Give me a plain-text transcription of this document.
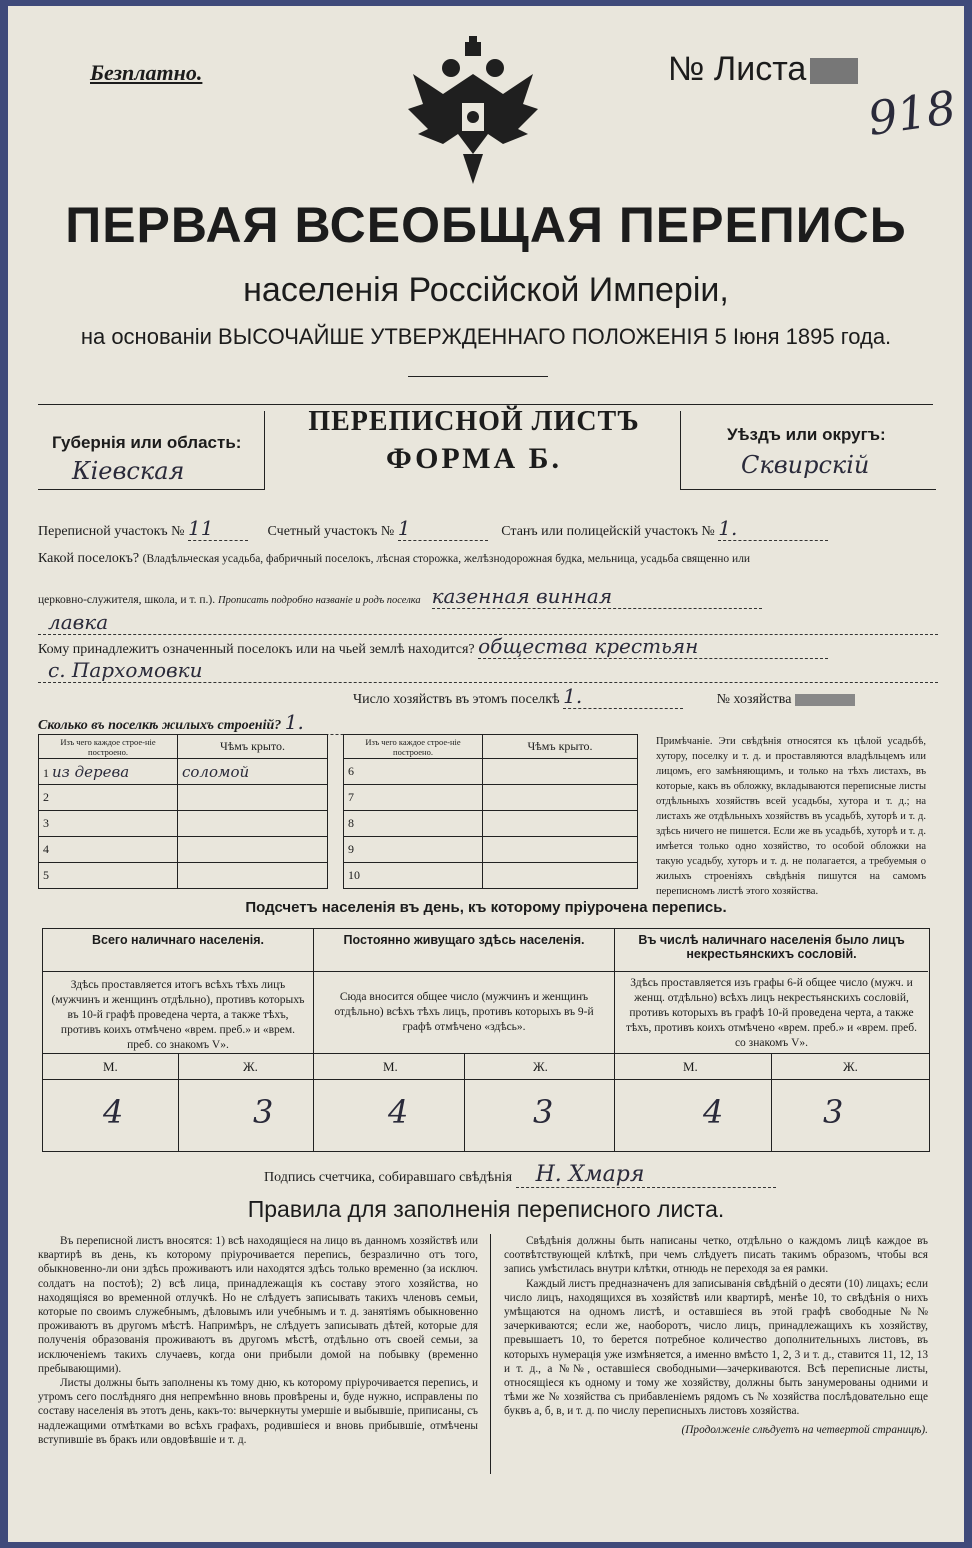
Безплатно.	№ Листа
918
ПЕРВАЯ ВСЕОБЩАЯ ПЕРЕПИСЬ
населенія Россійской Имперіи,
на основаніи ВЫСОЧАЙШЕ УТВЕРЖДЕННАГО ПОЛОЖЕНІЯ 5 Іюня 1895 года.
Губернія или область:
Кіевская
ПЕРЕПИСНОЙ ЛИСТЪ
ФОРМА Б.
Уѣздъ или округъ:
Сквирскій
Переписной участокъ № 11	Счетный участокъ № 1	Станъ или полицейскій участокъ № 1.
Какой поселокъ? (Владѣльческая усадьба, фабричный поселокъ, лѣсная сторожка, желѣзнодорожная будка, мельница, усадьба священно или
церковно-служителя, школа, и т. п.). Прописать подробно названіе и родъ поселка казенная винная
лавка
Кому принадлежитъ означенный поселокъ или на чьей землѣ находится? общества крестьян
с. Пархомовки
Число хозяйствъ въ этомъ поселкѣ 1.	№ хозяйства
Сколько въ поселкѣ жилыхъ строеній? 1.
Изъ чего каждое строе-ніе построено.	Чѣмъ крыто.
1 из дерева	соломой
2	
3	
4	
5	
Изъ чего каждое строе-ніе построено.	Чѣмъ крыто.
6	
7	
8	
9	
10	
Примѣчаніе. Эти свѣдѣнія относятся къ цѣлой усадьбѣ, хутору, поселку и т. д. и проставляются владѣльцемъ или лицомъ, его замѣняющимъ, и только на тѣхъ листахъ, въ которые, какъ въ обложку, вкладываются переписные листы отдѣльныхъ хозяйствъ всей усадьбы, хутора и т. д.; на листахъ же отдѣльныхъ хозяйствъ въ усадьбѣ, хуторѣ и т. д. здѣсь ничего не пишется. Если же въ усадьбѣ, хуторѣ и т. д. имѣется только одно хозяйство, то особой обложки на такую усадьбу, хуторъ и т. д. не полагается, а требуемыя о жилыхъ строеніяхъ свѣдѣнія пишутся на самомъ переписномъ листѣ этого хозяйства.
Подсчетъ населенія въ день, къ которому пріурочена перепись.
Всего наличнаго населенія.
Здѣсь проставляется итогъ всѣхъ тѣхъ лицъ (мужчинъ и женщинъ отдѣльно), противъ которыхъ въ 10-й графѣ проведена черта, а также тѣхъ, противъ коихъ отмѣчено «врем. преб.» и «врем. преб. со знакомъ V».
Постоянно живущаго здѣсь населенія.
Сюда вносится общее число (мужчинъ и женщинъ отдѣльно) всѣхъ тѣхъ лицъ, противъ которыхъ въ 9-й графѣ отмѣчено «здѣсь».
Въ числѣ наличнаго населенія было лицъ некрестьянскихъ сословій.
Здѣсь проставляется изъ графы 6-й общее число (мужч. и женщ. отдѣльно) всѣхъ лицъ некрестьянскихъ сословій, противъ которыхъ въ графѣ 10-й проведена черта, а также тѣхъ, противъ коихъ отмѣчено «врем. преб.» и «врем. преб. со знакомъ V».
М.	Ж.	М.	Ж.	М.	Ж.
4	3	4	3	4	3
Подпись счетчика, собиравшаго свѣдѣнія Н. Хмаря
Правила для заполненія переписного листа.

Въ переписной листъ вносятся: 1) всѣ находящіеся на лицо въ данномъ хозяйствѣ или квартирѣ въ день, къ которому пріурочивается перепись, безразлично отъ того, обыкновенно-ли они здѣсь проживаютъ или находятся здѣсь только временно (за исключ. солдатъ на постоѣ); 2) всѣ лица, принадлежащія къ составу этого хозяйства, но находящіяся во временной отлучкѣ. Но не слѣдуетъ записывать такихъ членовъ семьи, которые по своимъ служебнымъ, дѣловымъ или учебнымъ и т. д. занятіямъ обыкновенно проживаютъ въ другомъ мѣстѣ. Напримѣръ, не слѣдуетъ записывать дѣтей, которые для полученія образованія проживаютъ въ другомъ мѣстѣ, отдѣльно отъ своей семьи, за исключеніемъ такихъ случаевъ, когда они прибыли домой на побывку (временно пребывающими).

Листы должны быть заполнены къ тому дню, къ которому пріурочивается перепись, и утромъ сего послѣдняго дня непремѣнно вновь провѣрены и, буде нужно, исправлены по составу населенія въ этотъ день, какъ-то: вычеркнуты умершіе и выбывшіе, приписаны, съ надлежащими отмѣтками во всѣхъ графахъ, родившіеся и вновь прибывшіе, отмѣчены вступившіе въ бракъ или овдовѣвшіе и т. д.

Свѣдѣнія должны быть написаны четко, отдѣльно о каждомъ лицѣ каждое въ соотвѣтствующей клѣткѣ, при чемъ слѣдуетъ писать такимъ образомъ, чтобы вся запись умѣстилась внутри клѣтки, отнюдь не переходя за ея рамки.

Каждый листъ предназначенъ для записыванія свѣдѣній о десяти (10) лицахъ; если число лицъ, находящихся въ хозяйствѣ или квартирѣ, менѣе 10, то свѣдѣнія о нихъ умѣщаются на одномъ листѣ, и оставшіеся въ этой графѣ свободные №№ зачеркиваются; если же, наоборотъ, число лицъ, принадлежащихъ къ хозяйству, превышаетъ 10, то берется потребное количество дополнительныхъ листовъ, въ которыхъ нумерація уже измѣняется, а именно вмѣсто 1, 2, 3 и т. д., ставится 11, 12, 13 и т. д., а №№, оставшіеся свободными—зачеркиваются. Всѣ переписные листы, относящіеся къ одному и тому же хозяйству, должны быть занумерованы одними и тѣми же № хозяйства съ прибавленіемъ рядомъ съ № хозяйства послѣдовательно еще буквъ а, б, в, и т. д. по числу переписныхъ листовъ хозяйства.

(Продолженіе слѣдуетъ на четвертой страницѣ).
